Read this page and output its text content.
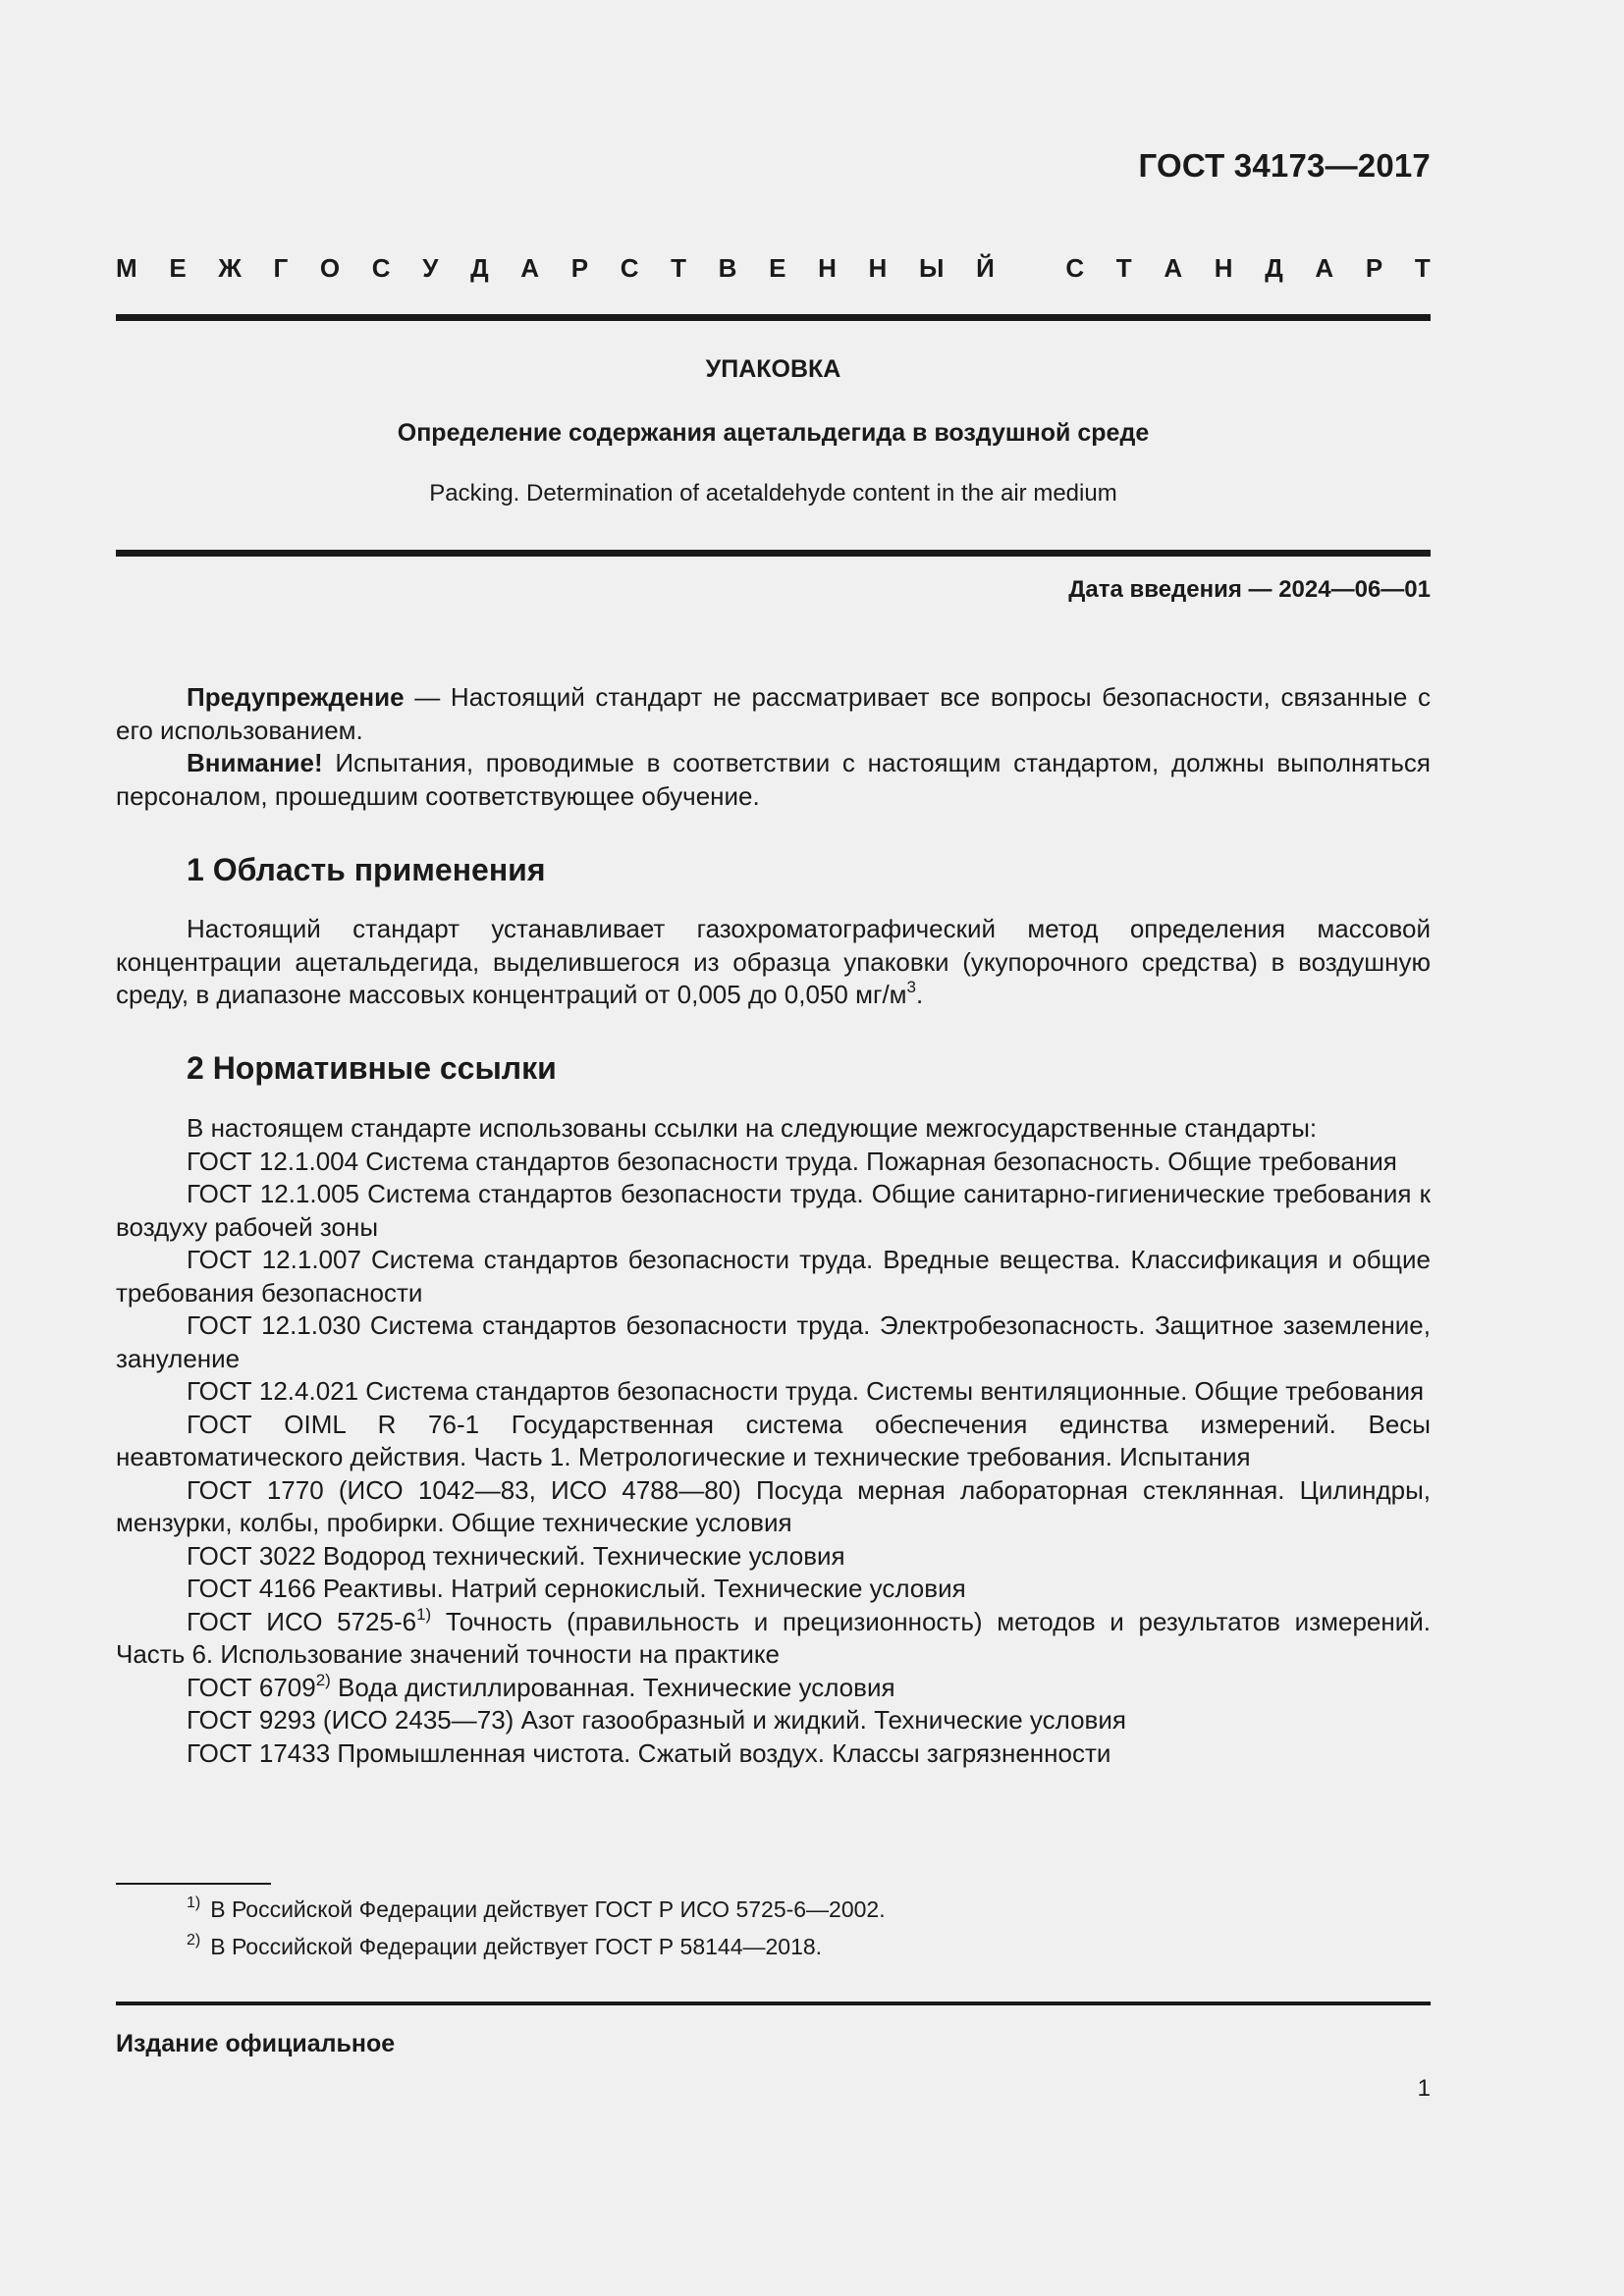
ГОСТ 34173—2017
М Е Ж Г О С У Д А Р С Т В Е Н Н Ы Й
	С Т А Н Д А Р Т
УПАКОВКА
Определение содержания ацетальдегида в воздушной среде
Packing. Determination of acetaldehyde content in the air medium
Дата введения — 2024—06—01

Предупреждение — Настоящий стандарт не рассматривает все вопросы безопасности, связанные с его использованием.

Внимание! Испытания, проводимые в соответствии с настоящим стандартом, должны выполняться персоналом, прошедшим соответствующее обучение.

1 Область применения

Настоящий стандарт устанавливает газохроматографический метод определения массовой концентрации ацетальдегида, выделившегося из образца упаковки (укупорочного средства) в воздушную среду, в диапазоне массовых концентраций от 0,005 до 0,050 $мг/м^3$.

2 Нормативные ссылки

В настоящем стандарте использованы ссылки на следующие межгосударственные стандарты:

ГОСТ 12.1.004 Система стандартов безопасности труда. Пожарная безопасность. Общие требования

ГОСТ 12.1.005 Система стандартов безопасности труда. Общие санитарно-гигиенические требования к воздуху рабочей зоны

ГОСТ 12.1.007 Система стандартов безопасности труда. Вредные вещества. Классификация и общие требования безопасности

ГОСТ 12.1.030 Система стандартов безопасности труда. Электробезопасность. Защитное заземление, зануление

ГОСТ 12.4.021 Система стандартов безопасности труда. Системы вентиляционные. Общие требования

ГОСТ OIML R 76-1 Государственная система обеспечения единства измерений. Весы неавтоматического действия. Часть 1. Метрологические и технические требования. Испытания

ГОСТ 1770 (ИСО 1042—83, ИСО 4788—80) Посуда мерная лабораторная стеклянная. Цилиндры, мензурки, колбы, пробирки. Общие технические условия

ГОСТ 3022 Водород технический. Технические условия

ГОСТ 4166 Реактивы. Натрий сернокислый. Технические условия

ГОСТ ИСО 5725-6$^{1)}$ Точность (правильность и прецизионность) методов и результатов измерений. Часть 6. Использование значений точности на практике

ГОСТ 6709$^{2)}$ Вода дистиллированная. Технические условия

ГОСТ 9293 (ИСО 2435—73) Азот газообразный и жидкий. Технические условия

ГОСТ 17433 Промышленная чистота. Сжатый воздух. Классы загрязненности

$^{1)}$ В Российской Федерации действует ГОСТ Р ИСО 5725-6—2002.
$^{2)}$ В Российской Федерации действует ГОСТ Р 58144—2018.
Издание официальное
1
